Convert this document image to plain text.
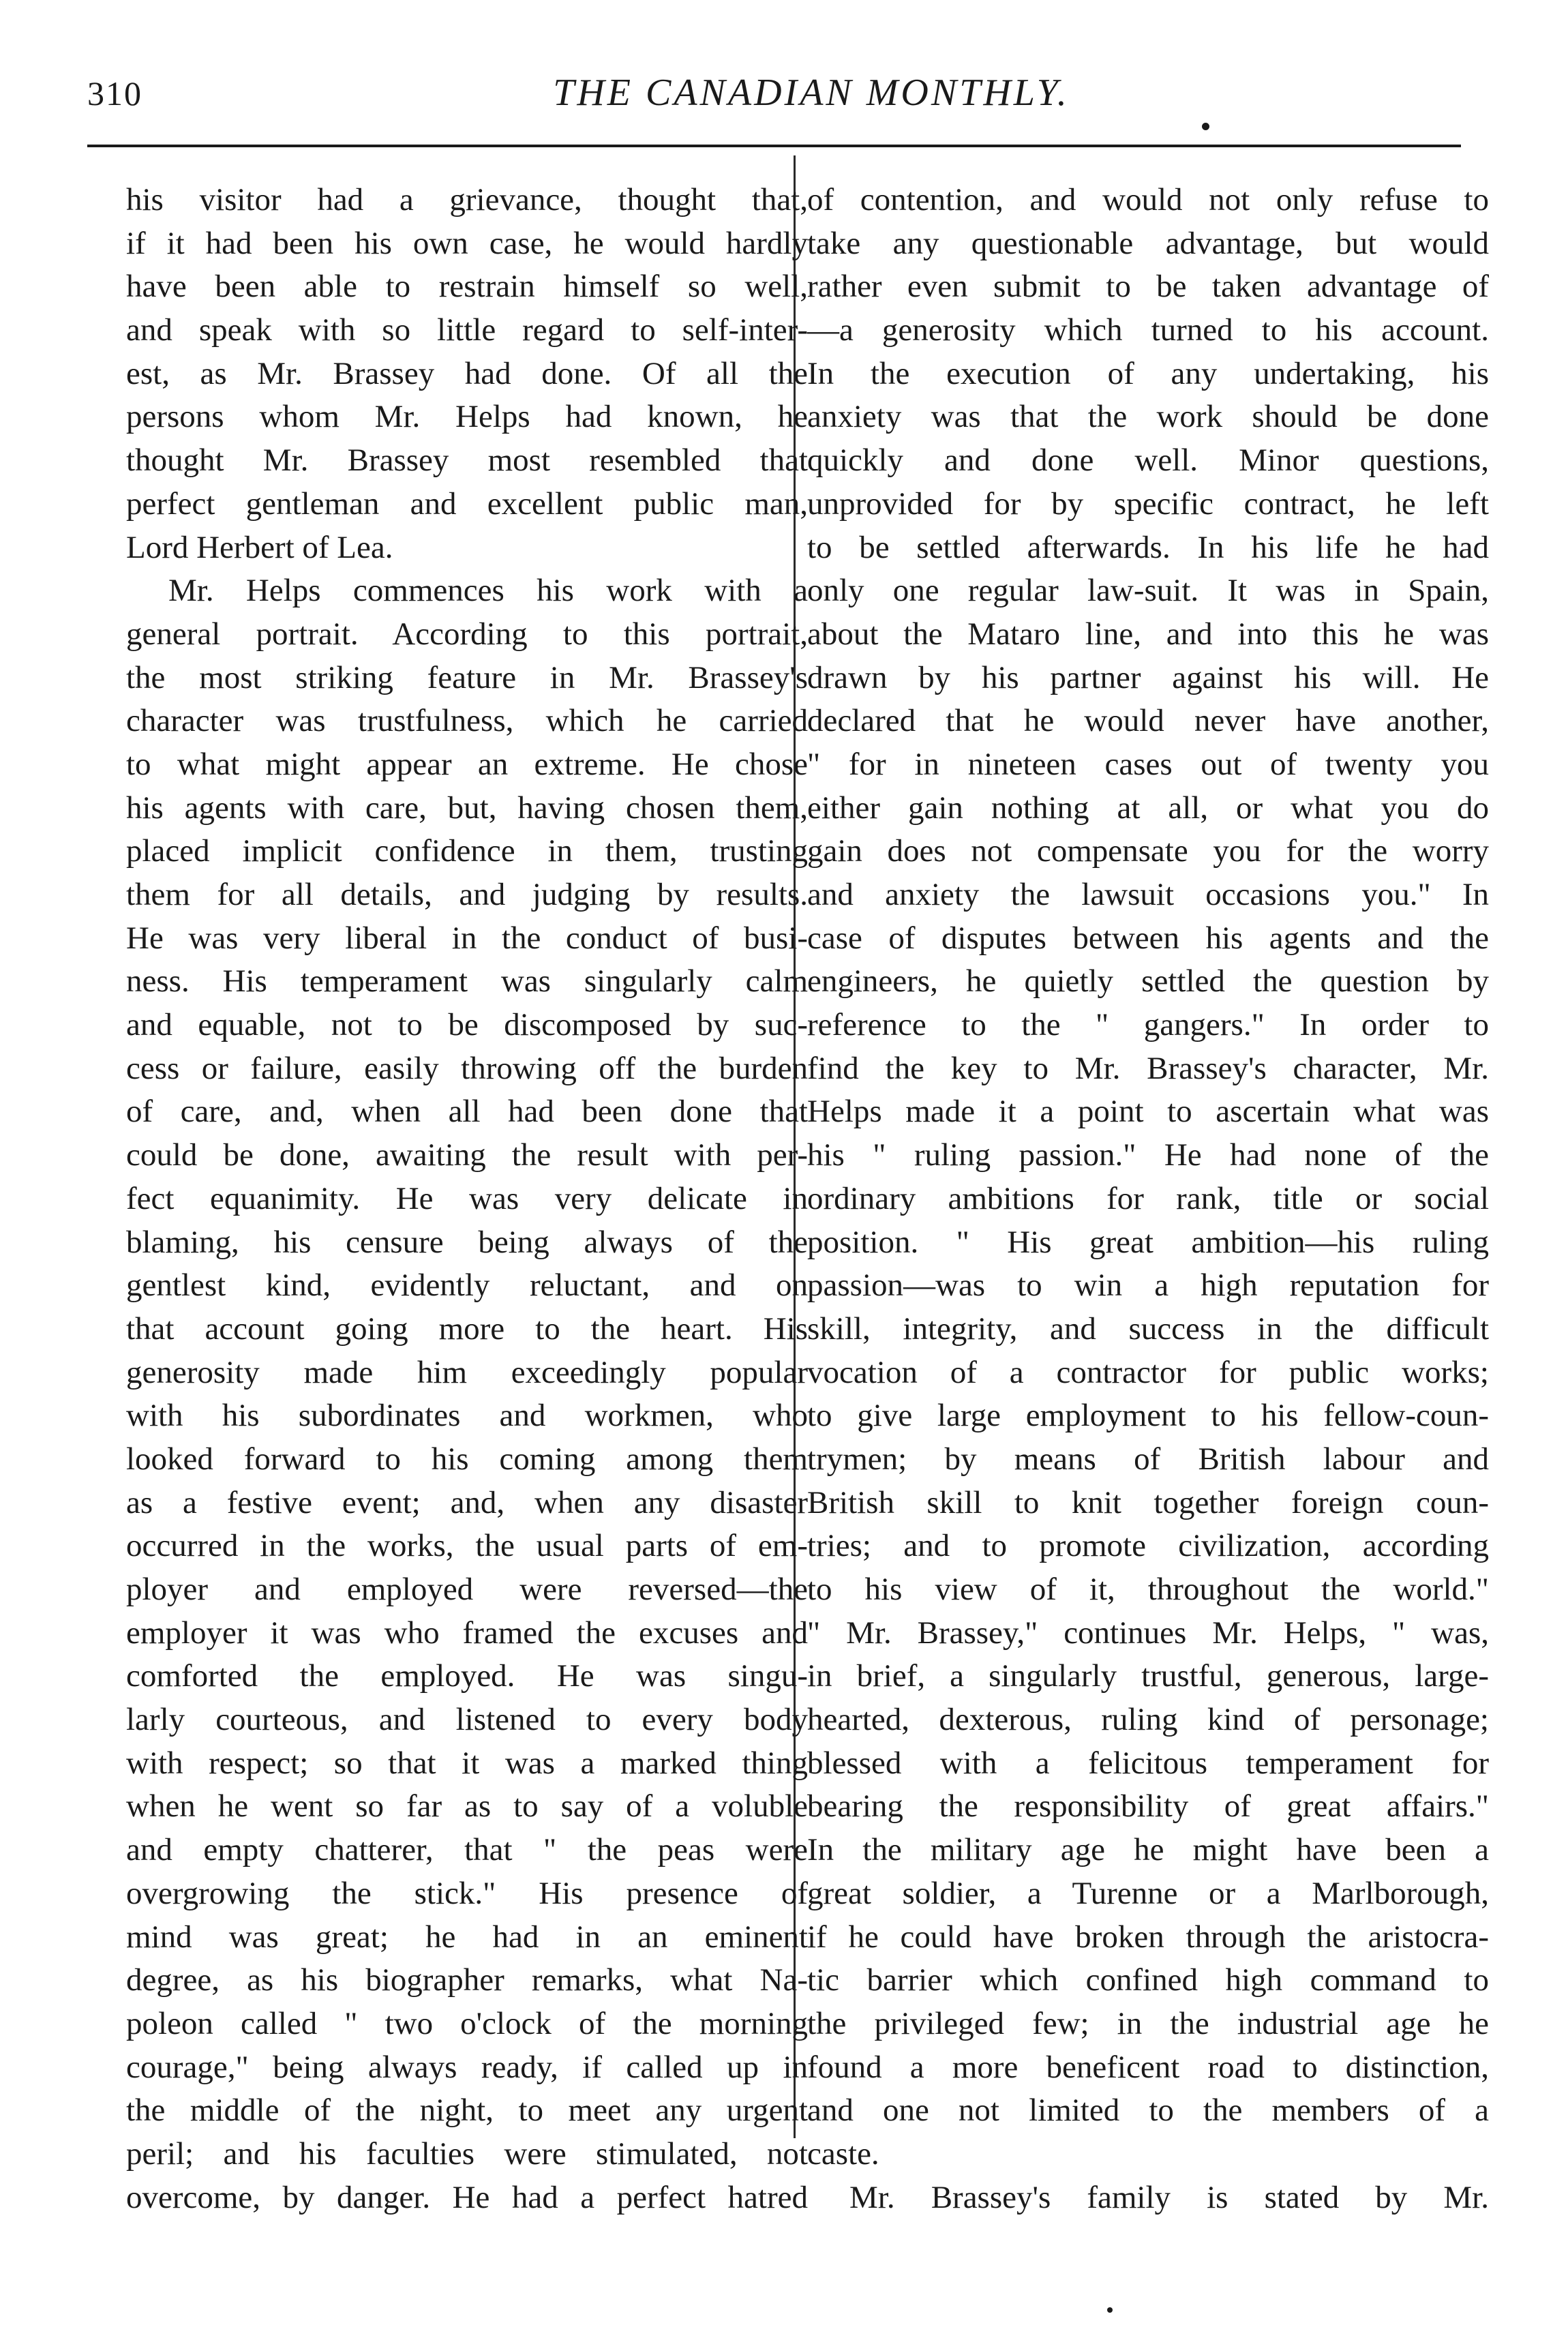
310	THE CANADIAN MONTHLY.
his visitor had a grievance, thought that,
if it had been his own case, he would hardly
have been able to restrain himself so well,
and speak with so little regard to self-inter-
est, as Mr. Brassey had done. Of all the
persons whom Mr. Helps had known, he
thought Mr. Brassey most resembled that
perfect gentleman and excellent public man,
Lord Herbert of Lea.
Mr. Helps commences his work with a
general portrait. According to this portrait,
the most striking feature in Mr. Brassey's
character was trustfulness, which he carried
to what might appear an extreme. He chose
his agents with care, but, having chosen them,
placed implicit confidence in them, trusting
them for all details, and judging by results.
He was very liberal in the conduct of busi-
ness. His temperament was singularly calm
and equable, not to be discomposed by suc-
cess or failure, easily throwing off the burden
of care, and, when all had been done that
could be done, awaiting the result with per-
fect equanimity. He was very delicate in
blaming, his censure being always of the
gentlest kind, evidently reluctant, and on
that account going more to the heart. His
generosity made him exceedingly popular
with his subordinates and workmen, who
looked forward to his coming among them
as a festive event; and, when any disaster
occurred in the works, the usual parts of em-
ployer and employed were reversed—the
employer it was who framed the excuses and
comforted the employed. He was singu-
larly courteous, and listened to every body
with respect; so that it was a marked thing
when he went so far as to say of a voluble
and empty chatterer, that " the peas were
overgrowing the stick." His presence of
mind was great; he had in an eminent
degree, as his biographer remarks, what Na-
poleon called " two o'clock of the morning
courage," being always ready, if called up in
the middle of the night, to meet any urgent
peril; and his faculties were stimulated, not
overcome, by danger. He had a perfect hatred
of contention, and would not only refuse to
take any questionable advantage, but would
rather even submit to be taken advantage of
—a generosity which turned to his account.
In the execution of any undertaking, his
anxiety was that the work should be done
quickly and done well. Minor questions,
unprovided for by specific contract, he left
to be settled afterwards. In his life he had
only one regular law-suit. It was in Spain,
about the Mataro line, and into this he was
drawn by his partner against his will. He
declared that he would never have another,
" for in nineteen cases out of twenty you
either gain nothing at all, or what you do
gain does not compensate you for the worry
and anxiety the lawsuit occasions you." In
case of disputes between his agents and the
engineers, he quietly settled the question by
reference to the " gangers." In order to
find the key to Mr. Brassey's character, Mr.
Helps made it a point to ascertain what was
his " ruling passion." He had none of the
ordinary ambitions for rank, title or social
position. " His great ambition—his ruling
passion—was to win a high reputation for
skill, integrity, and success in the difficult
vocation of a contractor for public works;
to give large employment to his fellow-coun-
trymen; by means of British labour and
British skill to knit together foreign coun-
tries; and to promote civilization, according
to his view of it, throughout the world."
" Mr. Brassey," continues Mr. Helps, " was,
in brief, a singularly trustful, generous, large-
hearted, dexterous, ruling kind of personage;
blessed with a felicitous temperament for
bearing the responsibility of great affairs."
In the military age he might have been a
great soldier, a Turenne or a Marlborough,
if he could have broken through the aristocra-
tic barrier which confined high command to
the privileged few; in the industrial age he
found a more beneficent road to distinction,
and one not limited to the members of a
caste.
Mr. Brassey's family is stated by Mr.
